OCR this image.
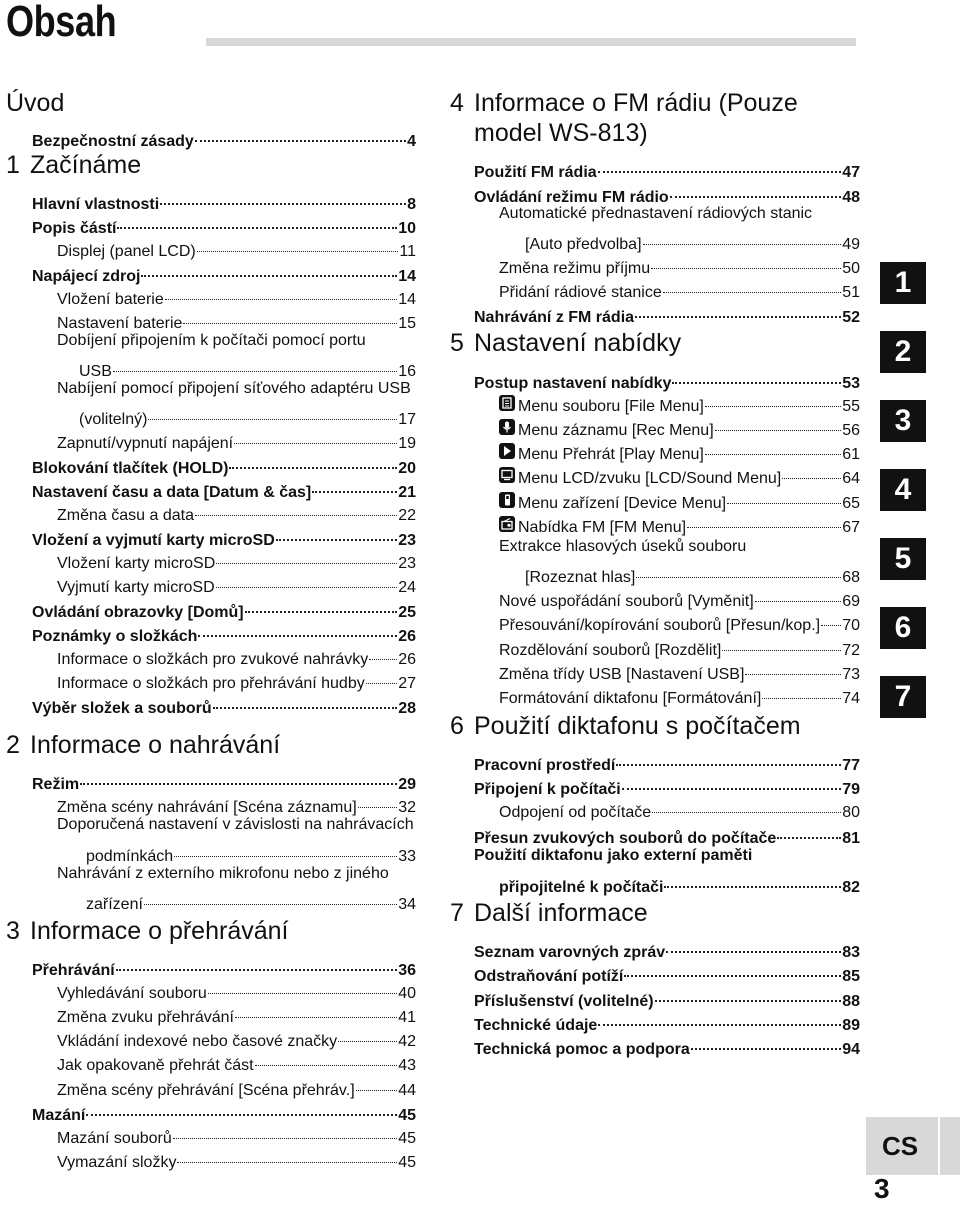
Obsah
Úvod
Bezpečnostní zásady	4
1 Začínáme
Hlavní vlastnosti	8
Popis částí	10
Displej (panel LCD)	11
Napájecí zdroj	14
Vložení baterie	14
Nastavení baterie	15
Dobíjení připojením k počítači pomocí portu
USB	16
Nabíjení pomocí připojení síťového adaptéru USB
(volitelný)	17
Zapnutí/vypnutí napájení	19
Blokování tlačítek (HOLD)	20
Nastavení času a data [Datum & čas]	21
Změna času a data	22
Vložení a vyjmutí karty microSD	23
Vložení karty microSD	23
Vyjmutí karty microSD	24
Ovládání obrazovky [Domů]	25
Poznámky o složkách	26
Informace o složkách pro zvukové nahrávky 26
Informace o složkách pro přehrávání hudby 27
Výběr složek a souborů	28
2 Informace o nahrávání
Režim	29
Změna scény nahrávání [Scéna záznamu]	32
Doporučená nastavení v závislosti na nahrávacích
podmínkách	33
Nahrávání z externího mikrofonu nebo z jiného
zařízení	34
3 Informace o přehrávání
Přehrávání	36
Vyhledávání souboru	40
Změna zvuku přehrávání	41
Vkládání indexové nebo časové značky	42
Jak opakovaně přehrát část	43
Změna scény přehrávání [Scéna přehráv.]	44
Mazání	45
Mazání souborů	45
Vymazání složky	45
4 Informace o FM rádiu (Pouze
model WS-813)
Použití FM rádia	47
Ovládání režimu FM rádio	48
Automatické přednastavení rádiových stanic
[Auto předvolba]	49
Změna režimu příjmu	50
Přidání rádiové stanice	51
Nahrávání z FM rádia	52
5 Nastavení nabídky
Postup nastavení nabídky	53
Menu souboru [File Menu]	55
Menu záznamu [Rec Menu]	56
Menu Přehrát [Play Menu]	61
Menu LCD/zvuku [LCD/Sound Menu]	64
Menu zařízení [Device Menu]	65
Nabídka FM [FM Menu]	67
Extrakce hlasových úseků souboru
[Rozeznat hlas]	68
Nové uspořádání souborů [Vyměnit]	69
Přesouvání/kopírování souborů [Přesun/kop.] 70
Rozdělování souborů [Rozdělit]	72
Změna třídy USB [Nastavení USB]	73
Formátování diktafonu [Formátování]	74
6 Použití diktafonu s počítačem
Pracovní prostředí	77
Připojení k počítači	79
Odpojení od počítače	80
Přesun zvukových souborů do počítače	81
Použití diktafonu jako externí paměti
připojitelné k počítači	82
7 Další informace
Seznam varovných zpráv	83
Odstraňování potíží	85
Příslušenství (volitelné)	88
Technické údaje	89
Technická pomoc a podpora	94
1
2
3
4
5
6
7
CS
3
